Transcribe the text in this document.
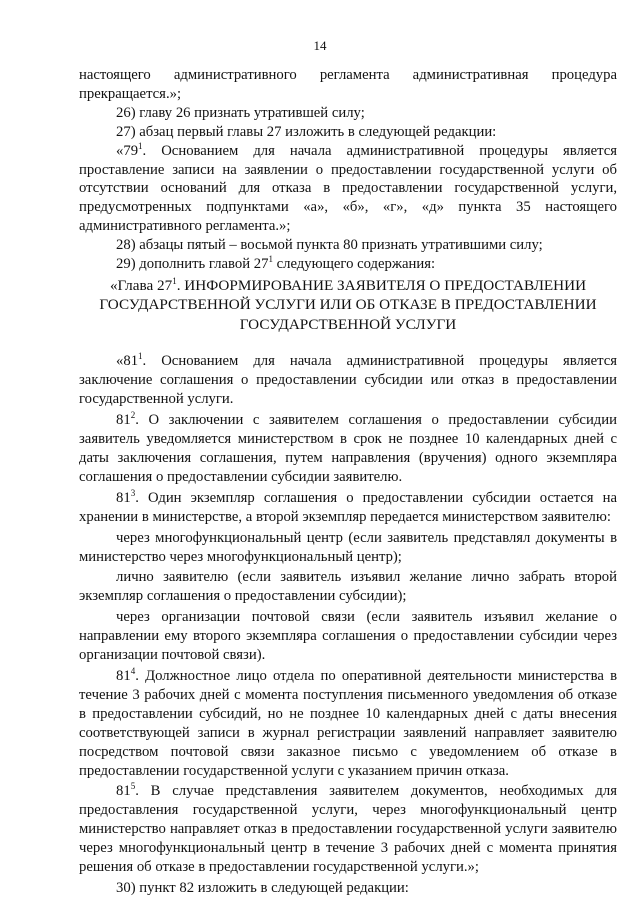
14

настоящего административного регламента административная процедура прекращается.»;

26) главу 26 признать утратившей силу;

27) абзац первый главы 27 изложить в следующей редакции:

«$79^1$. Основанием для начала административной процедуры является проставление записи на заявлении о предоставлении государственной услуги об отсутствии оснований для отказа в предоставлении государственной услуги, предусмотренных подпунктами «а», «б», «г», «д» пункта 35 настоящего административного регламента.»;

28) абзацы пятый – восьмой пункта 80 признать утратившими силу;

29) дополнить главой $27^1$ следующего содержания:

«Глава $27^1$. ИНФОРМИРОВАНИЕ ЗАЯВИТЕЛЯ О ПРЕДОСТАВЛЕНИИ ГОСУДАРСТВЕННОЙ УСЛУГИ ИЛИ ОБ ОТКАЗЕ В ПРЕДОСТАВЛЕНИИ ГОСУДАРСТВЕННОЙ УСЛУГИ

«$81^1$. Основанием для начала административной процедуры является заключение соглашения о предоставлении субсидии или отказ в предоставлении государственной услуги.

$81^2$. О заключении с заявителем соглашения о предоставлении субсидии заявитель уведомляется министерством в срок не позднее 10 календарных дней с даты заключения соглашения, путем направления (вручения) одного экземпляра соглашения о предоставлении субсидии заявителю.

$81^3$. Один экземпляр соглашения о предоставлении субсидии остается на хранении в министерстве, а второй экземпляр передается министерством заявителю:

через многофункциональный центр (если заявитель представлял документы в министерство через многофункциональный центр);

лично заявителю (если заявитель изъявил желание лично забрать второй экземпляр соглашения о предоставлении субсидии);

через организации почтовой связи (если заявитель изъявил желание о направлении ему второго экземпляра соглашения о предоставлении субсидии через организации почтовой связи).

$81^4$. Должностное лицо отдела по оперативной деятельности министерства в течение 3 рабочих дней с момента поступления письменного уведомления об отказе в предоставлении субсидий, но не позднее 10 календарных дней с даты внесения соответствующей записи в журнал регистрации заявлений направляет заявителю посредством почтовой связи заказное письмо с уведомлением об отказе в предоставлении государственной услуги с указанием причин отказа.

$81^5$. В случае представления заявителем документов, необходимых для предоставления государственной услуги, через многофункциональный центр министерство направляет отказ в предоставлении государственной услуги заявителю через многофункциональный центр в течение 3 рабочих дней с момента принятия решения об отказе в предоставлении государственной услуги.»;

30) пункт 82 изложить в следующей редакции:
